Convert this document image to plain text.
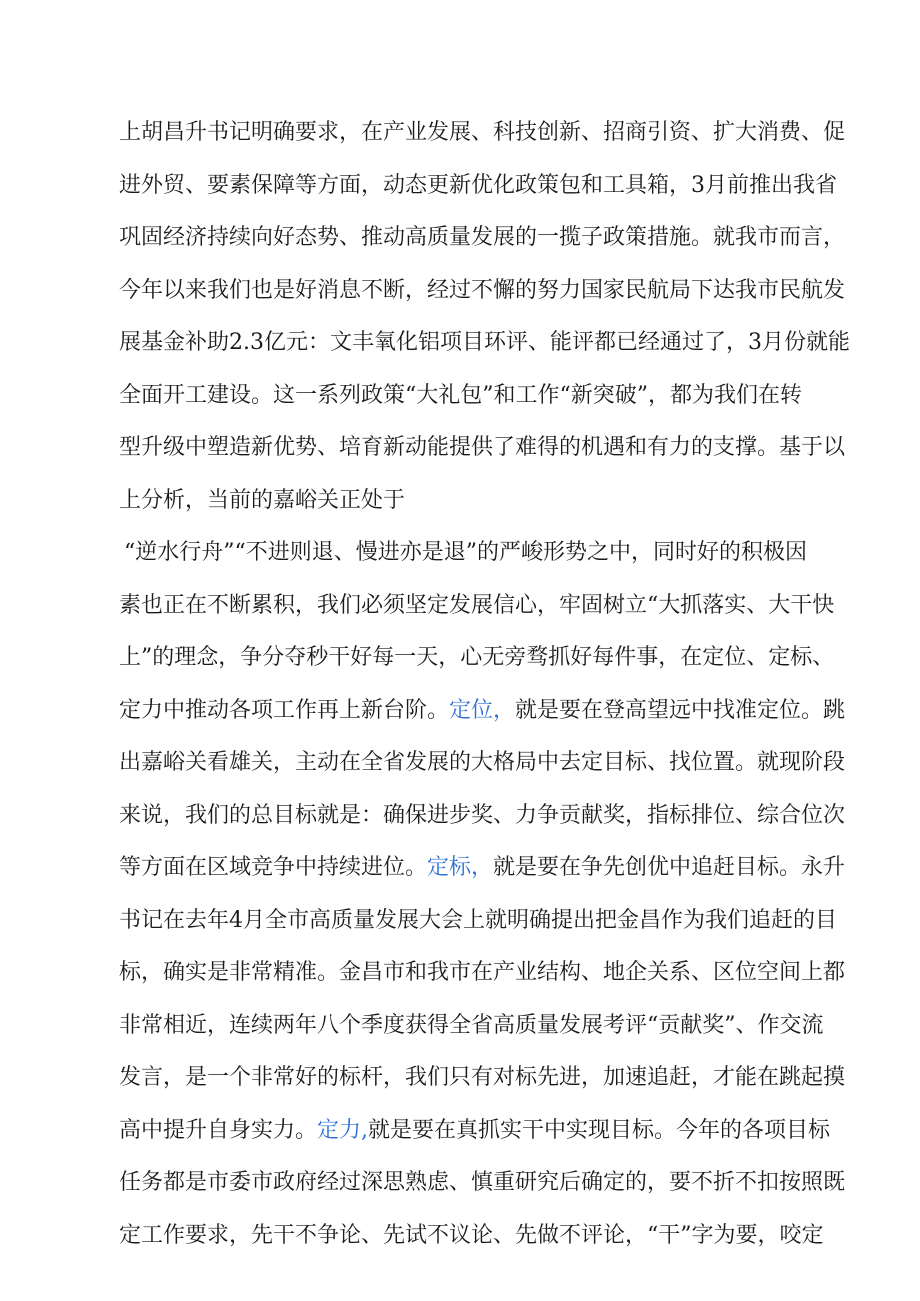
上胡昌升书记明确要求，在产业发展、科技创新、招商引资、扩大消费、促
进外贸、要素保障等方面，动态更新优化政策包和工具箱，3月前推出我省
巩固经济持续向好态势、推动高质量发展的一揽子政策措施。就我市而言，
今年以来我们也是好消息不断，经过不懈的努力国家民航局下达我市民航发
展基金补助2.3亿元：文丰氧化铝项目环评、能评都已经通过了，3月份就能
全面开工建设。这一系列政策“大礼包”和工作“新突破”，都为我们在转
型升级中塑造新优势、培育新动能提供了难得的机遇和有力的支撑。基于以
上分析，当前的嘉峪关正处于
“逆水行舟”“不进则退、慢进亦是退”的严峻形势之中，同时好的积极因
素也正在不断累积，我们必须坚定发展信心，牢固树立“大抓落实、大干快
上”的理念，争分夺秒干好每一天，心无旁骛抓好每件事，在定位、定标、
定力中推动各项工作再上新台阶。定位，就是要在登高望远中找准定位。跳
出嘉峪关看雄关，主动在全省发展的大格局中去定目标、找位置。就现阶段
来说，我们的总目标就是：确保进步奖、力争贡献奖，指标排位、综合位次
等方面在区域竞争中持续进位。定标，就是要在争先创优中追赶目标。永升
书记在去年4月全市高质量发展大会上就明确提出把金昌作为我们追赶的目
标，确实是非常精准。金昌市和我市在产业结构、地企关系、区位空间上都
非常相近，连续两年八个季度获得全省高质量发展考评“贡献奖”、作交流
发言，是一个非常好的标杆，我们只有对标先进，加速追赶，才能在跳起摸
高中提升自身实力。定力,就是要在真抓实干中实现目标。今年的各项目标
任务都是市委市政府经过深思熟虑、慎重研究后确定的，要不折不扣按照既
定工作要求，先干不争论、先试不议论、先做不评论，“干”字为要，咬定
